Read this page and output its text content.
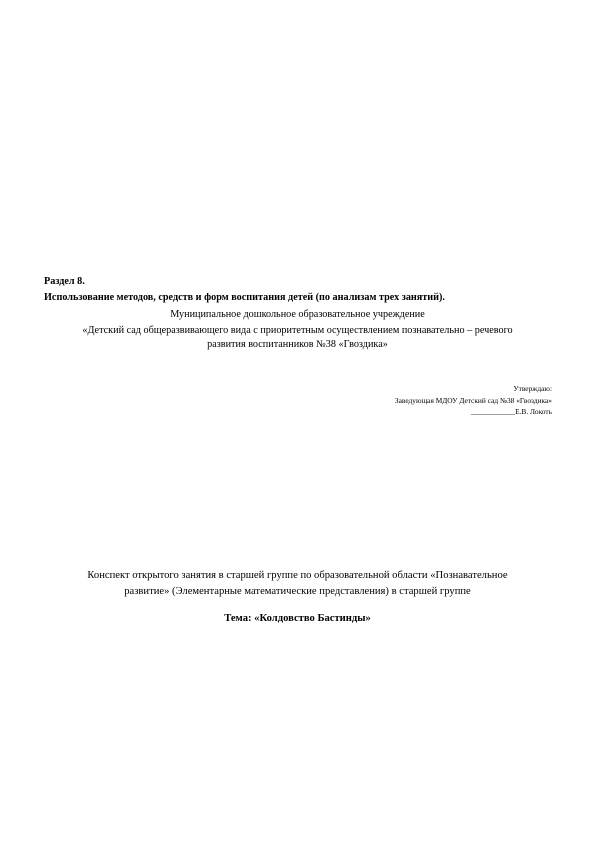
Раздел 8.
Использование методов, средств и форм воспитания детей (по анализам трех занятий).
Муниципальное дошкольное образовательное учреждение
«Детский сад общеразвивающего вида с приоритетным осуществлением познавательно – речевого
развития воспитанников №38 «Гвоздика»
Утверждаю:
Заведующая МДОУ Детский сад №38 «Гвоздика»
____________Е.В. Локоть
Конспект открытого занятия в старшей группе по образовательной области «Познавательное
развитие» (Элементарные математические представления) в старшей группе
Тема: «Колдовство Бастинды»
